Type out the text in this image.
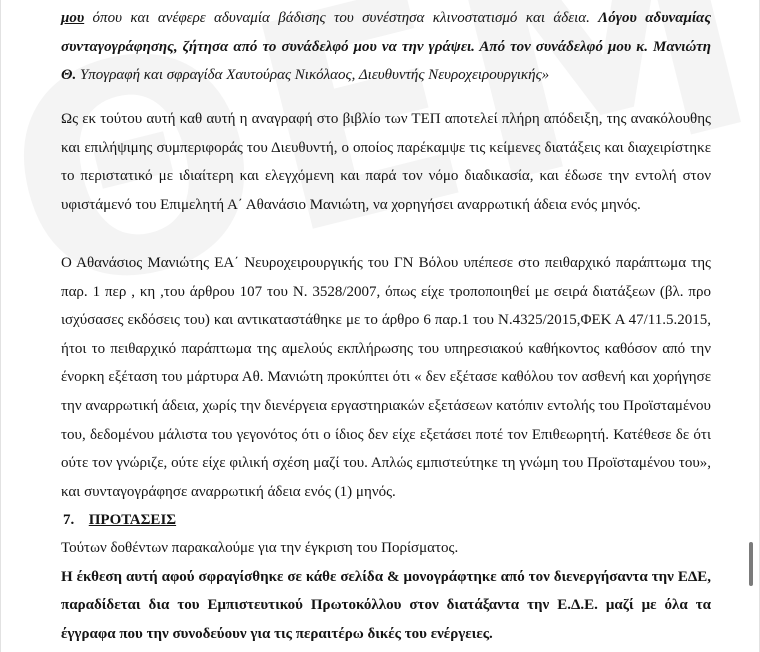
μου όπου και ανέφερε αδυναμία βάδισης του συνέστησα κλινοστατισμό και άδεια. Λόγου αδυναμίας συνταγογράφησης, ζήτησα από το συνάδελφό μου να την γράψει. Από τον συνάδελφό μου κ. Μανιώτη Θ. Υπογραφή και σφραγίδα Χαυτούρας Νικόλαος, Διευθυντής Νευροχειρουργικής»

Ως εκ τούτου αυτή καθ αυτή η αναγραφή στο βιβλίο των ΤΕΠ αποτελεί πλήρη απόδειξη, της ανακόλουθης και επιλήψιμης συμπεριφοράς του Διευθυντή, ο οποίος παρέκαμψε τις κείμενες διατάξεις και διαχειρίστηκε το περιστατικό με ιδιαίτερη και ελεγχόμενη και παρά τον νόμο διαδικασία, και έδωσε την εντολή στον υφιστάμενό του Επιμελητή Α΄ Αθανάσιο Μανιώτη, να χορηγήσει αναρρωτική άδεια ενός μηνός.

Ο Αθανάσιος Μανιώτης ΕΑ΄ Νευροχειρουργικής του ΓΝ Βόλου υπέπεσε στο πειθαρχικό παράπτωμα της παρ. 1 περ , κη ,του άρθρου 107 του Ν. 3528/2007, όπως είχε τροποποιηθεί με σειρά διατάξεων (βλ. προ ισχύσασες εκδόσεις του) και αντικαταστάθηκε με το άρθρο 6 παρ.1 του Ν.4325/2015,ΦΕΚ Α 47/11.5.2015, ήτοι το πειθαρχικό παράπτωμα της αμελούς εκπλήρωσης του υπηρεσιακού καθήκοντος καθόσον από την ένορκη εξέταση του μάρτυρα Αθ. Μανιώτη προκύπτει ότι « δεν εξέτασε καθόλου τον ασθενή και χορήγησε την αναρρωτική άδεια, χωρίς την διενέργεια εργαστηριακών εξετάσεων κατόπιν εντολής του Προϊσταμένου του, δεδομένου μάλιστα του γεγονότος ότι ο ίδιος δεν είχε εξετάσει ποτέ τον Επιθεωρητή. Κατέθεσε δε ότι ούτε τον γνώριζε, ούτε είχε φιλική σχέση μαζί του. Απλώς εμπιστεύτηκε τη γνώμη του Προϊσταμένου του», και συνταγογράφησε αναρρωτική άδεια ενός (1) μηνός.

7. ΠΡΟΤΑΣΕΙΣ
Τούτων δοθέντων παρακαλούμε για την έγκριση του Πορίσματος.
Η έκθεση αυτή αφού σφραγίσθηκε σε κάθε σελίδα & μονογράφτηκε από τον διενεργήσαντα την ΕΔΕ, παραδίδεται δια του Εμπιστευτικού Πρωτοκόλλου στον διατάξαντα την Ε.Δ.Ε. μαζί με όλα τα έγγραφα που την συνοδεύουν για τις περαιτέρω δικές του ενέργειες.
